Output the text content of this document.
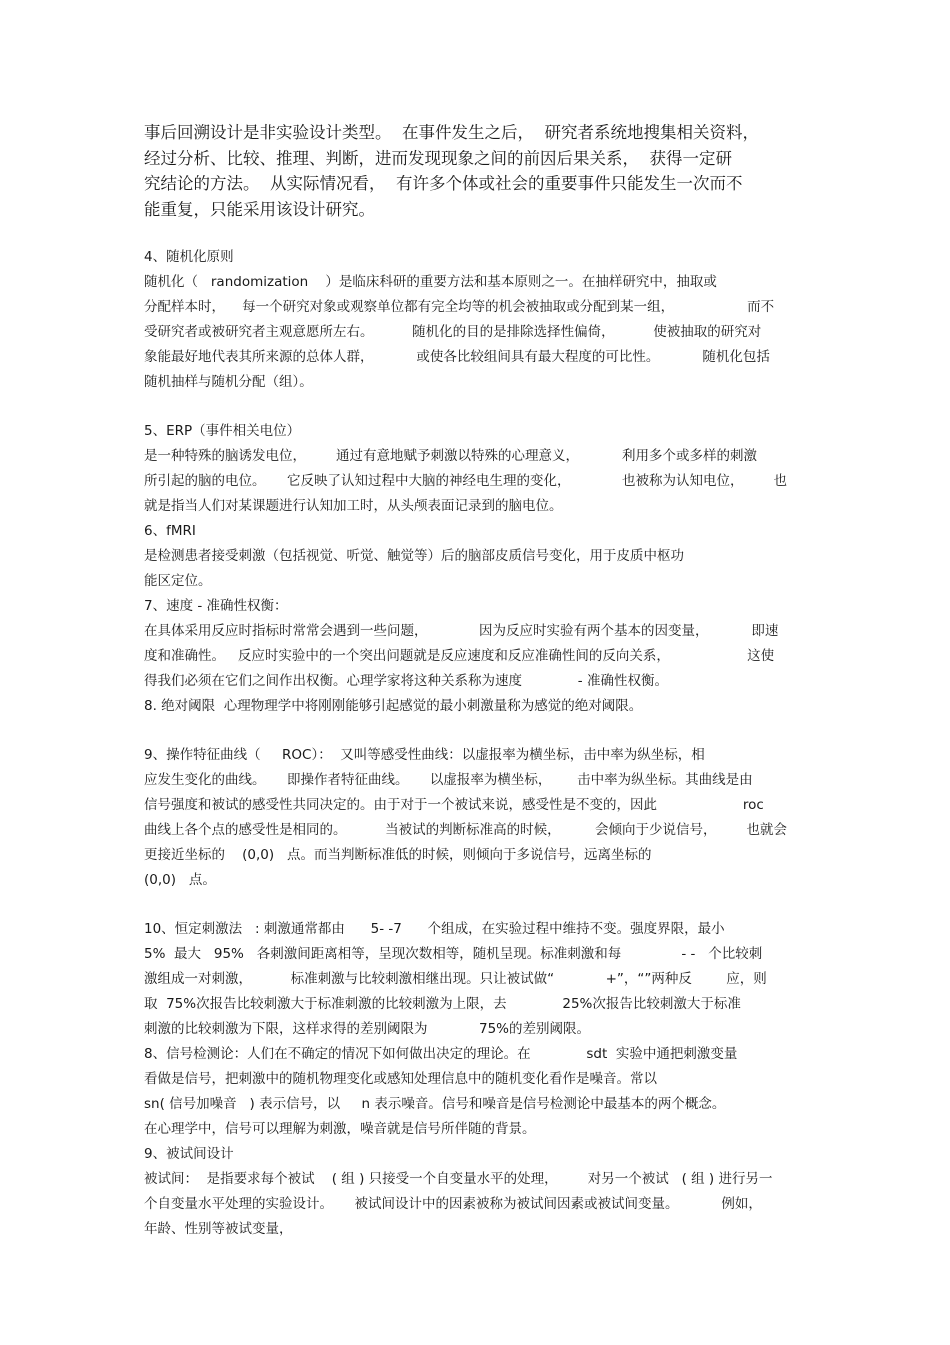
事后回溯设计是非实验设计类型。  在事件发生之后，  研究者系统地搜集相关资料，
经过分析、比较、推理、判断，进而发现现象之间的前因后果关系，  获得一定研
究结论的方法。  从实际情况看，  有许多个体或社会的重要事件只能发生一次而不
能重复，只能采用该设计研究。
4、随机化原则
随机化（   randomization    ）是临床科研的重要方法和基本原则之一。在抽样研究中，抽取或
分配样本时，    每一个研究对象或观察单位都有完全均等的机会被抽取或分配到某一组，                 而不
受研究者或被研究者主观意愿所左右。         随机化的目的是排除选择性偏倚，         使被抽取的研究对
象能最好地代表其所来源的总体人群，          或使各比较组间具有最大程度的可比性。          随机化包括
随机抽样与随机分配（组）。
5、ERP（事件相关电位）
是一种特殊的脑诱发电位，       通过有意地赋予刺激以特殊的心理意义，          利用多个或多样的刺激
所引起的脑的电位。     它反映了认知过程中大脑的神经电生理的变化，            也被称为认知电位，       也
就是指当人们对某课题进行认知加工时，从头颅表面记录到的脑电位。
6、fMRI
是检测患者接受刺激（包括视觉、听觉、触觉等）后的脑部皮质信号变化，用于皮质中枢功
能区定位。
7、速度 - 准确性权衡：
在具体采用反应时指标时常常会遇到一些问题，            因为反应时实验有两个基本的因变量，          即速
度和准确性。   反应时实验中的一个突出问题就是反应速度和反应准确性间的反向关系，                  这使
得我们必须在它们之间作出权衡。心理学家将这种关系称为速度             - 准确性权衡。
8. 绝对阈限  心理物理学中将刚刚能够引起感觉的最小刺激量称为感觉的绝对阈限。
9、操作特征曲线（     ROC）：  又叫等感受性曲线：以虚报率为横坐标，击中率为纵坐标，相
应发生变化的曲线。     即操作者特征曲线。     以虚报率为横坐标，      击中率为纵坐标。其曲线是由
信号强度和被试的感受性共同决定的。由于对于一个被试来说，感受性是不变的，因此                    roc
曲线上各个点的感受性是相同的。         当被试的判断标准高的时候，        会倾向于少说信号，       也就会
更接近坐标的    (0,0)   点。而当判断标准低的时候，则倾向于多说信号，远离坐标的
(0,0)   点。
10、恒定刺激法   : 刺激通常都由      5- -7      个组成，在实验过程中维持不变。强度界限，最小
5%  最大   95%   各刺激间距离相等，呈现次数相等，随机呈现。标准刺激和每              - -   个比较刺
激组成一对刺激，         标准刺激与比较刺激相继出现。只让被试做“            +”，“”两种反        应，则
取  75%次报告比较刺激大于标准刺激的比较刺激为上限，去             25%次报告比较刺激大于标准
刺激的比较刺激为下限，这样求得的差别阈限为            75%的差别阈限。
8、信号检测论：人们在不确定的情况下如何做出决定的理论。在             sdt  实验中通把刺激变量
看做是信号，把刺激中的随机物理变化或感知处理信息中的随机变化看作是噪音。常以
sn( 信号加噪音   ) 表示信号，以     n 表示噪音。信号和噪音是信号检测论中最基本的两个概念。
在心理学中，信号可以理解为刺激，噪音就是信号所伴随的背景。
9、被试间设计
被试间：  是指要求每个被试    ( 组 ) 只接受一个自变量水平的处理，       对另一个被试   ( 组 ) 进行另一
个自变量水平处理的实验设计。     被试间设计中的因素被称为被试间因素或被试间变量。          例如，
年龄、性别等被试变量，
